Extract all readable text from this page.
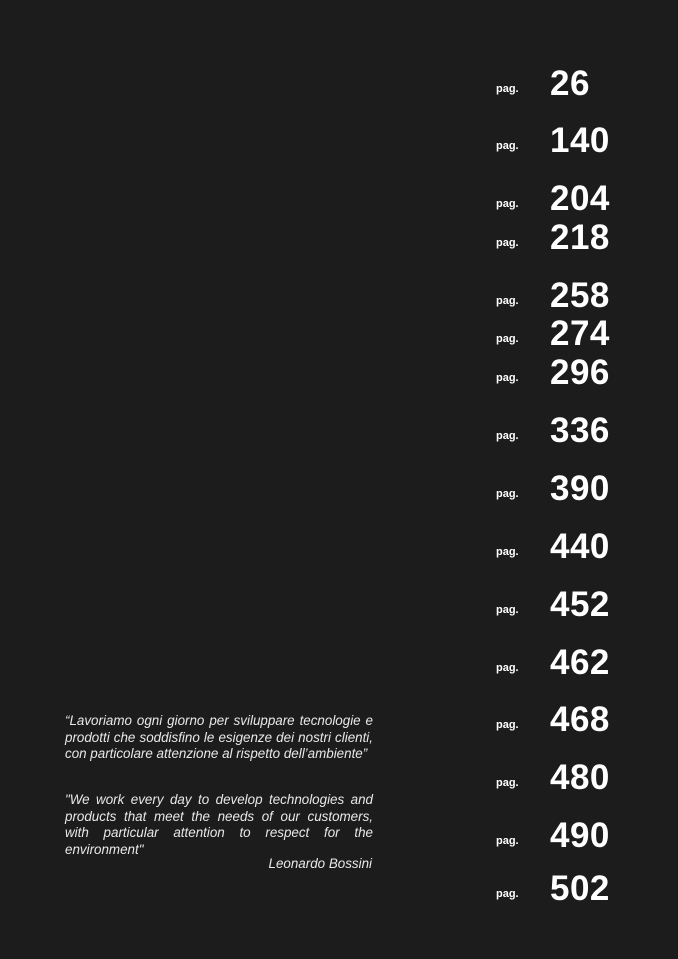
pag. 26
pag. 140
pag. 204
pag. 218
pag. 258
pag. 274
pag. 296
pag. 336
pag. 390
pag. 440
pag. 452
pag. 462
pag. 468
pag. 480
pag. 490
pag. 502

“Lavoriamo ogni giorno per sviluppare tecnologie e prodotti che soddisfino le esigenze dei nostri clienti, con particolare attenzione al rispetto dell’ambiente”

"We work every day to develop technologies and products that meet the needs of our customers, with particular attention to respect for the environment"

Leonardo Bossini
